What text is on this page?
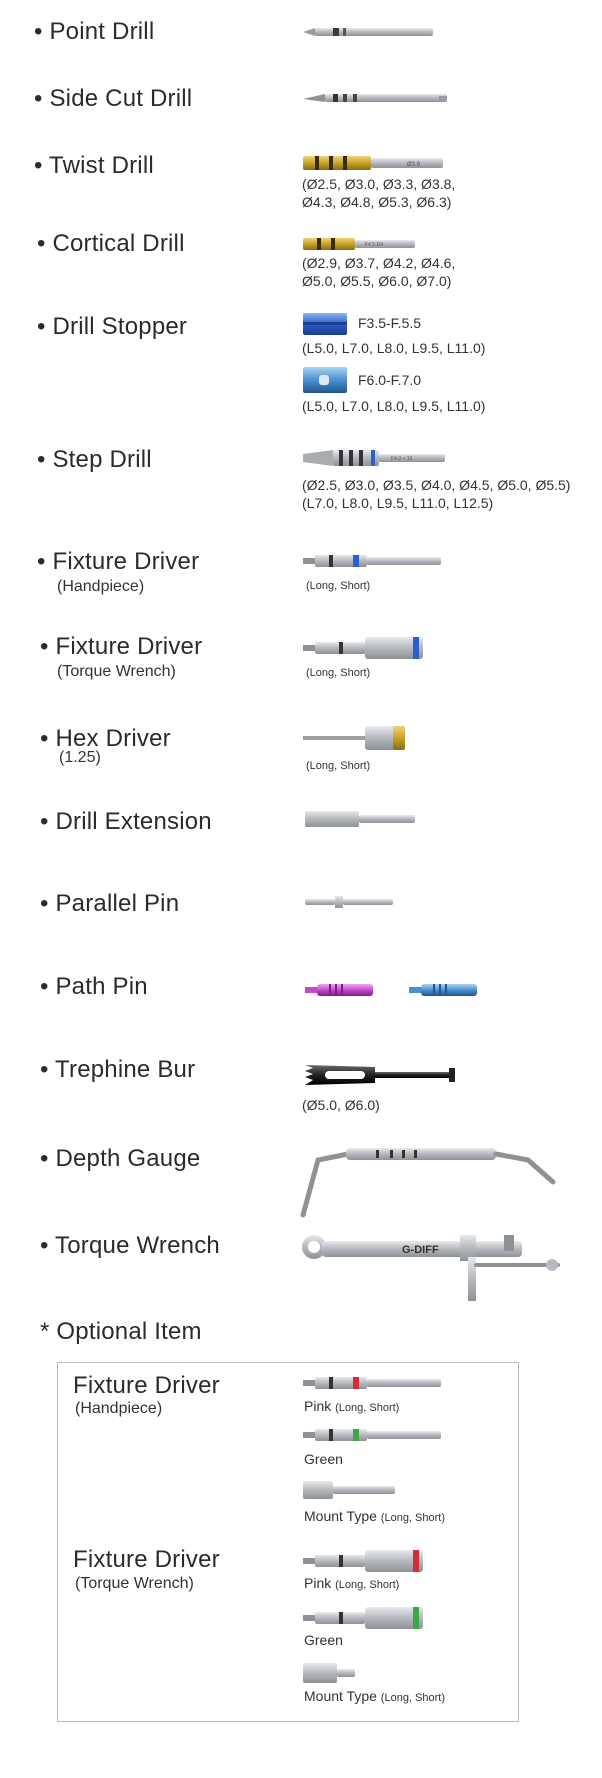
• Point Drill
• Side Cut Drill
• Twist Drill	Ø3.8
(Ø2.5, Ø3.0, Ø3.3, Ø3.8,
Ø4.3, Ø4.8, Ø5.3, Ø6.3)
• Cortical Drill	F4.5-D4
(Ø2.9, Ø3.7, Ø4.2, Ø4.6,
Ø5.0, Ø5.5, Ø6.0, Ø7.0)
• Drill Stopper	F3.5-F.5.5
(L5.0, L7.0, L8.0, L9.5, L11.0)
F6.0-F.7.0
(L5.0, L7.0, L8.0, L9.5, L11.0)
• Step Drill	F4.0 × 10
(Ø2.5, Ø3.0, Ø3.5, Ø4.0, Ø4.5, Ø5.0, Ø5.5)
(L7.0, L8.0, L9.5, L11.0, L12.5)
• Fixture Driver
(Handpiece)	(Long, Short)
• Fixture Driver
(Torque Wrench)	(Long, Short)
• Hex Driver
(1.25)	(Long, Short)
• Drill Extension
• Parallel Pin
• Path Pin
• Trephine Bur
(Ø5.0, Ø6.0)
• Depth Gauge
• Torque Wrench	G-DIFF
* Optional Item
Fixture Driver
(Handpiece)	Pink (Long, Short)
Green
Mount Type (Long, Short)
Fixture Driver
(Torque Wrench)	Pink (Long, Short)
Green
Mount Type (Long, Short)
